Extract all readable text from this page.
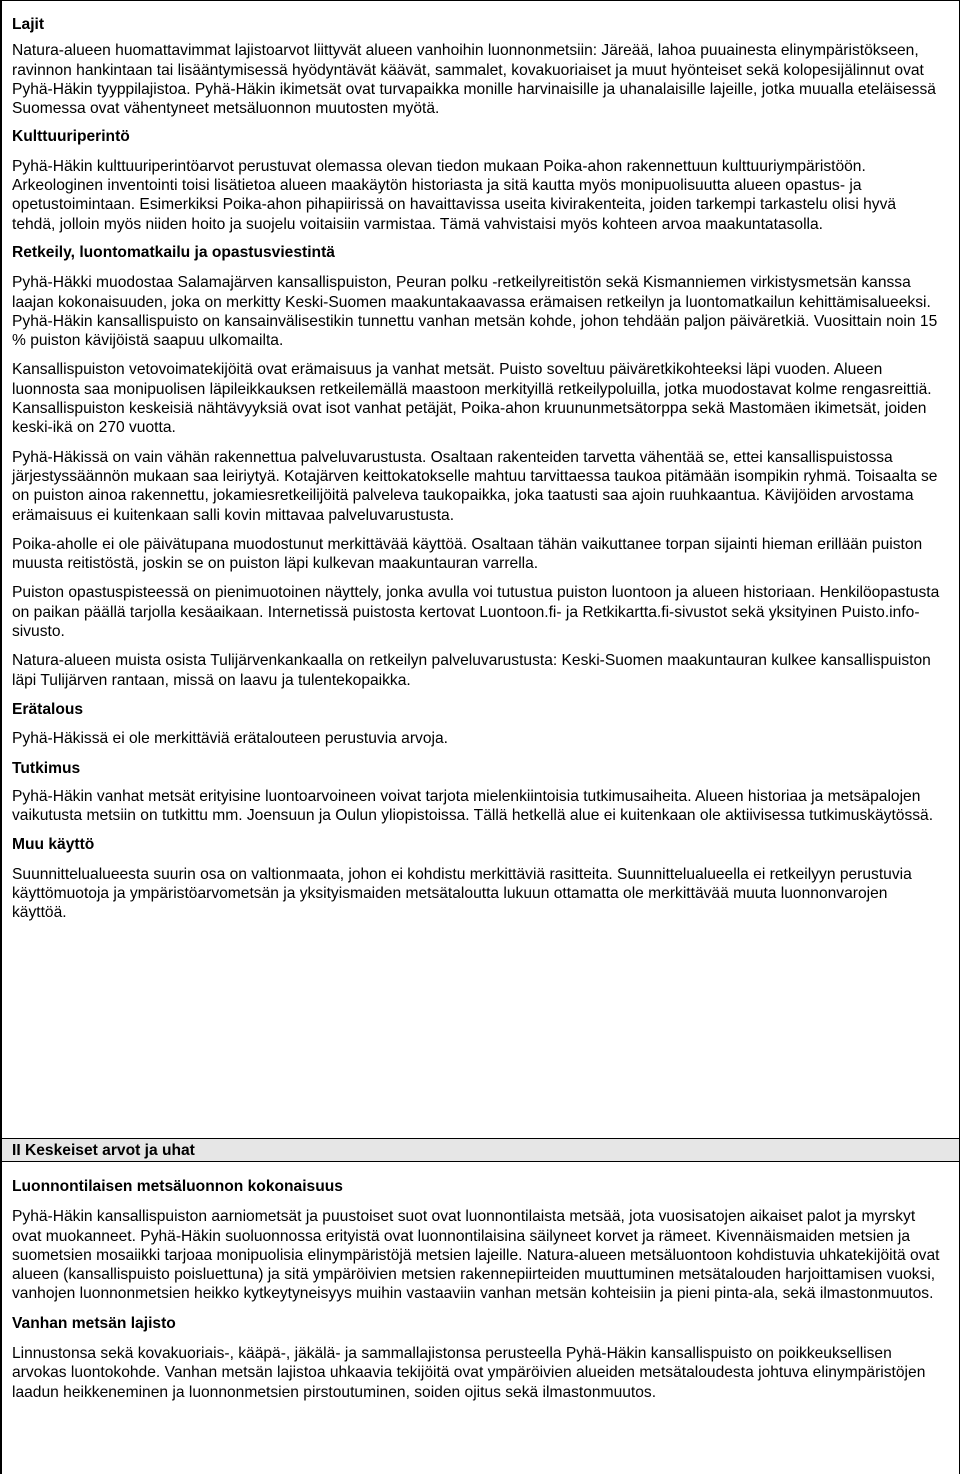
Lajit

Natura-alueen huomattavimmat lajistoarvot liittyvät alueen vanhoihin luonnonmetsiin: Järeää, lahoa puuainesta elinympäristökseen, ravinnon hankintaan tai lisääntymisessä hyödyntävät käävät, sammalet, kovakuoriaiset ja muut hyönteiset sekä kolopesijälinnut ovat Pyhä-Häkin tyyppilajistoa. Pyhä-Häkin ikimetsät ovat turvapaikka monille harvinaisille ja uhanalaisille lajeille, jotka muualla eteläisessä Suomessa ovat vähentyneet metsäluonnon muutosten myötä.

Kulttuuriperintö

Pyhä-Häkin kulttuuriperintöarvot perustuvat olemassa olevan tiedon mukaan Poika-ahon rakennettuun kulttuuriympäristöön. Arkeologinen inventointi toisi lisätietoa alueen maakäytön historiasta ja sitä kautta myös monipuolisuutta alueen opastus- ja opetustoimintaan. Esimerkiksi Poika-ahon pihapiirissä on havaittavissa useita kivirakenteita, joiden tarkempi tarkastelu olisi hyvä tehdä, jolloin myös niiden hoito ja suojelu voitaisiin varmistaa. Tämä vahvistaisi myös kohteen arvoa maakuntatasolla.

Retkeily, luontomatkailu ja opastusviestintä

Pyhä-Häkki muodostaa Salamajärven kansallispuiston, Peuran polku -retkeilyreitistön sekä Kismanniemen virkistysmetsän kanssa laajan kokonaisuuden, joka on merkitty Keski-Suomen maakuntakaavassa erämaisen retkeilyn ja luontomatkailun kehittämisalueeksi. Pyhä-Häkin kansallispuisto on kansainvälisestikin tunnettu vanhan metsän kohde, johon tehdään paljon päiväretkiä. Vuosittain noin 15 % puiston kävijöistä saapuu ulkomailta.

Kansallispuiston vetovoimatekijöitä ovat erämaisuus ja vanhat metsät. Puisto soveltuu päiväretkikohteeksi läpi vuoden. Alueen luonnosta saa monipuolisen läpileikkauksen retkeilemällä maastoon merkityillä retkeilypoluilla, jotka muodostavat kolme rengasreittiä. Kansallispuiston keskeisiä nähtävyyksiä ovat isot vanhat petäjät, Poika-ahon kruununmetsätorppa sekä Mastomäen ikimetsät, joiden keski-ikä on 270 vuotta.

Pyhä-Häkissä on vain vähän rakennettua palveluvarustusta. Osaltaan rakenteiden tarvetta vähentää se, ettei kansallispuistossa järjestyssäännön mukaan saa leiriytyä. Kotajärven keittokatokselle mahtuu tarvittaessa taukoa pitämään isompikin ryhmä. Toisaalta se on puiston ainoa rakennettu, jokamiesretkeilijöitä palveleva taukopaikka, joka taatusti saa ajoin ruuhkaantua. Kävijöiden arvostama erämaisuus ei kuitenkaan salli kovin mittavaa palveluvarustusta.

Poika-aholle ei ole päivätupana muodostunut merkittävää käyttöä. Osaltaan tähän vaikuttanee torpan sijainti hieman erillään puiston muusta reitistöstä, joskin se on puiston läpi kulkevan maakuntauran varrella.

Puiston opastuspisteessä on pienimuotoinen näyttely, jonka avulla voi tutustua puiston luontoon ja alueen historiaan. Henkilöopastusta on paikan päällä tarjolla kesäaikaan. Internetissä puistosta kertovat Luontoon.fi- ja Retkikartta.fi-sivustot sekä yksityinen Puisto.info-sivusto.

Natura-alueen muista osista Tulijärvenkankaalla on retkeilyn palveluvarustusta: Keski-Suomen maakuntauran kulkee kansallispuiston läpi Tulijärven rantaan, missä on laavu ja tulentekopaikka.

Erätalous

Pyhä-Häkissä ei ole merkittäviä erätalouteen perustuvia arvoja.

Tutkimus

Pyhä-Häkin vanhat metsät erityisine luontoarvoineen voivat tarjota mielenkiintoisia tutkimusaiheita. Alueen historiaa ja metsäpalojen vaikutusta metsiin on tutkittu mm. Joensuun ja Oulun yliopistoissa. Tällä hetkellä alue ei kuitenkaan ole aktiivisessa tutkimuskäytössä.

Muu käyttö

Suunnittelualueesta suurin osa on valtionmaata, johon ei kohdistu merkittäviä rasitteita. Suunnittelualueella ei retkeilyyn perustuvia käyttömuotoja ja ympäristöarvometsän ja yksityismaiden metsätaloutta lukuun ottamatta ole merkittävää muuta luonnonvarojen käyttöä.

II Keskeiset arvot ja uhat
Luonnontilaisen metsäluonnon kokonaisuus

Pyhä-Häkin kansallispuiston aarniometsät ja puustoiset suot ovat luonnontilaista metsää, jota vuosisatojen aikaiset palot ja myrskyt ovat muokanneet. Pyhä-Häkin suoluonnossa erityistä ovat luonnontilaisina säilyneet korvet ja rämeet. Kivennäismaiden metsien ja suometsien mosaiikki tarjoaa monipuolisia elinympäristöjä metsien lajeille. Natura-alueen metsäluontoon kohdistuvia uhkatekijöitä ovat alueen (kansallispuisto poisluettuna) ja sitä ympäröivien metsien rakennepiirteiden muuttuminen metsätalouden harjoittamisen vuoksi, vanhojen luonnonmetsien heikko kytkeytyneisyys muihin vastaaviin vanhan metsän kohteisiin ja pieni pinta-ala, sekä ilmastonmuutos.

Vanhan metsän lajisto

Linnustonsa sekä kovakuoriais-, kääpä-, jäkälä- ja sammallajistonsa perusteella Pyhä-Häkin kansallispuisto on poikkeuksellisen arvokas luontokohde. Vanhan metsän lajistoa uhkaavia tekijöitä ovat ympäröivien alueiden metsätaloudesta johtuva elinympäristöjen laadun heikkeneminen ja luonnonmetsien pirstoutuminen, soiden ojitus sekä ilmastonmuutos.
